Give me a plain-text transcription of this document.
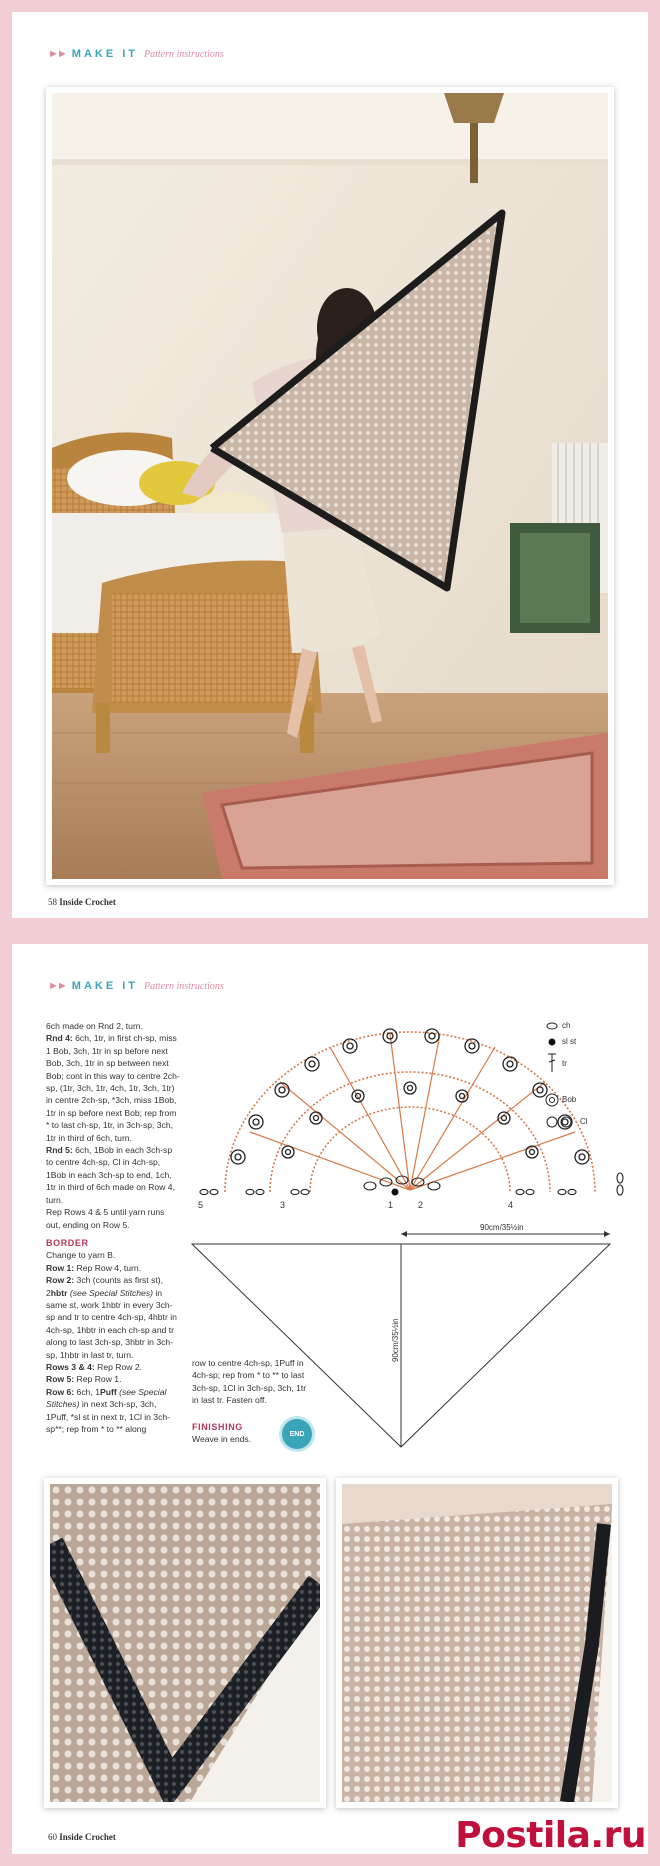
►► MAKE IT Pattern instructions
58 Inside Crochet
►► MAKE IT Pattern instructions
60 Inside Crochet

6ch made on Rnd 2, turn.

Rnd 4: 6ch, 1tr, in first ch-sp, miss 1 Bob, 3ch, 1tr in sp before next Bob, 3ch, 1tr in sp between next Bob; cont in this way to centre 2ch-sp, (1tr, 3ch, 1tr, 4ch, 1tr, 3ch, 1tr) in centre 2ch-sp, *3ch, miss 1Bob, 1tr in sp before next Bob; rep from * to last ch-sp, 1tr, in 3ch-sp, 3ch, 1tr in third of 6ch, turn.

Rnd 5: 6ch, 1Bob in each 3ch-sp to centre 4ch-sp, Cl in 4ch-sp, 1Bob in each 3ch-sp to end, 1ch, 1tr in third of 6ch made on Row 4, turn.

Rep Rows 4 & 5 until yarn runs out, ending on Row 5.

BORDER

Change to yarn B.

Row 1: Rep Row 4, turn.

Row 2: 3ch (counts as first st), 2hbtr (see Special Stitches) in same st, work 1hbtr in every 3ch-sp and tr to centre 4ch-sp, 4hbtr in 4ch-sp, 1hbtr in each ch-sp and tr along to last 3ch-sp, 3hbtr in 3ch-sp, 1hbtr in last tr, turn.

Rows 3 & 4: Rep Row 2.

Row 5: Rep Row 1.

Row 6: 6ch, 1Puff (see Special Stitches) in next 3ch-sp, 3ch, 1Puff, *sl st in next tr, 1Cl in 3ch-sp**; rep from * to ** along

row to centre 4ch-sp, 1Puff in 4ch-sp; rep from * to ** to last 3ch-sp, 1Cl in 3ch-sp, 3ch, 1tr in last tr. Fasten off.

FINISHING

Weave in ends.

END
5	3	1	2	4
ch
sl st
tr
Bob
Cl
90cm/35½in
90cm/35½in
Postila.ru
